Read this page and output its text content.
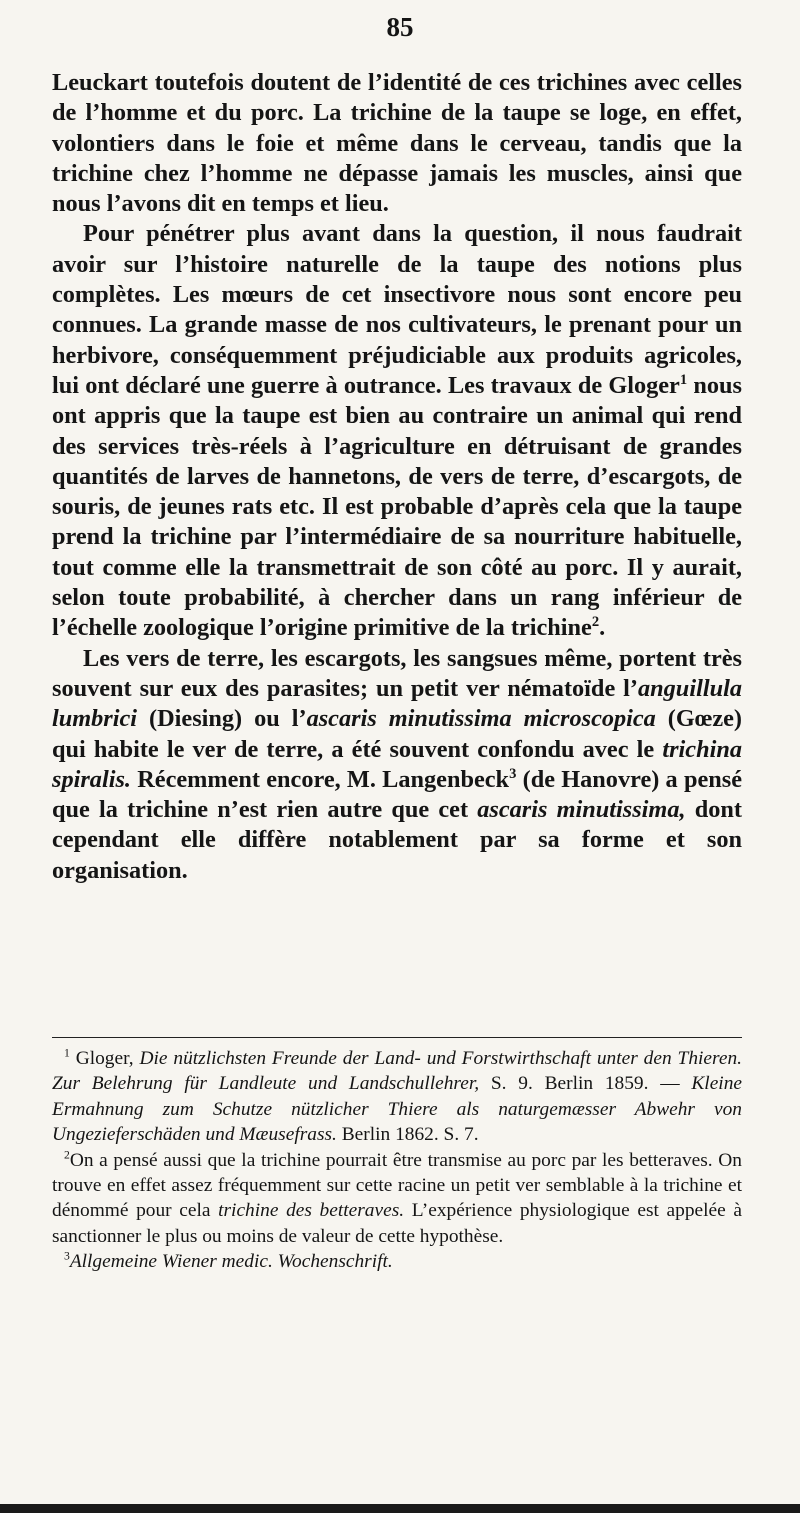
85

Leuckart toutefois doutent de l’identité de ces trichines avec celles de l’homme et du porc. La trichine de la taupe se loge, en effet, volontiers dans le foie et même dans le cerveau, tandis que la trichine chez l’homme ne dépasse jamais les muscles, ainsi que nous l’avons dit en temps et lieu.

Pour pénétrer plus avant dans la question, il nous faudrait avoir sur l’histoire naturelle de la taupe des notions plus complètes. Les mœurs de cet insectivore nous sont encore peu connues. La grande masse de nos cultivateurs, le prenant pour un herbivore, conséquemment préjudiciable aux produits agricoles, lui ont déclaré une guerre à outrance. Les travaux de Gloger$^1$ nous ont appris que la taupe est bien au contraire un animal qui rend des services très-réels à l’agriculture en détruisant de grandes quantités de larves de hannetons, de vers de terre, d’escargots, de souris, de jeunes rats etc. Il est probable d’après cela que la taupe prend la trichine par l’intermédiaire de sa nourriture habituelle, tout comme elle la transmettrait de son côté au porc. Il y aurait, selon toute probabilité, à chercher dans un rang inférieur de l’échelle zoologique l’origine primitive de la trichine$^2$.

Les vers de terre, les escargots, les sangsues même, portent très souvent sur eux des parasites; un petit ver nématoïde l’anguillula lumbrici (Diesing) ou l’ascaris minutissima microscopica (Gœze) qui habite le ver de terre, a été souvent confondu avec le trichina spiralis. Récemment encore, M. Langenbeck$^3$ (de Hanovre) a pensé que la trichine n’est rien autre que cet ascaris minutissima, dont cependant elle diffère notablement par sa forme et son organisation.

$^1$ Gloger, Die nützlichsten Freunde der Land- und Forstwirthschaft unter den Thieren. Zur Belehrung für Landleute und Landschullehrer, S. 9. Berlin 1859. — Kleine Ermahnung zum Schutze nützlicher Thiere als naturgemæsser Abwehr von Ungezieferschäden und Mæusefrass. Berlin 1862. S. 7.

$^2$On a pensé aussi que la trichine pourrait être transmise au porc par les betteraves. On trouve en effet assez fréquemment sur cette racine un petit ver semblable à la trichine et dénommé pour cela trichine des betteraves. L’expérience physiologique est appelée à sanctionner le plus ou moins de valeur de cette hypothèse.

$^3$Allgemeine Wiener medic. Wochenschrift.
